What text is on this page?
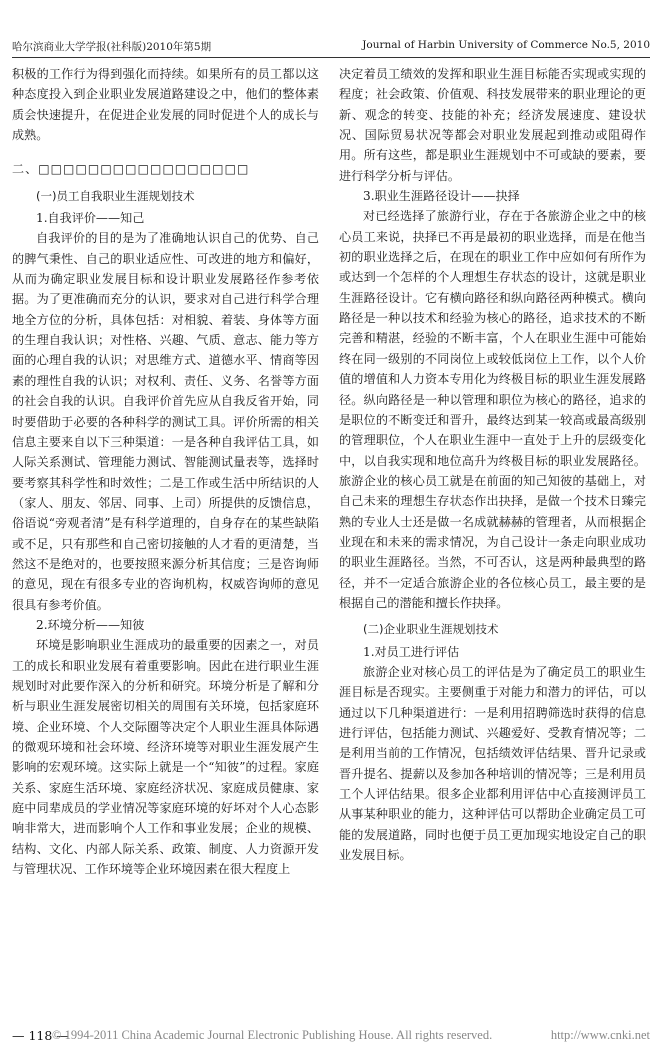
哈尔滨商业大学学报(社科版)2010年第5期	Journal of Harbin University of Commerce No.5, 2010

积极的工作行为得到强化而持续。如果所有的员工都以这种态度投入到企业职业发展道路建设之中，他们的整体素质会快速提升，在促进企业发展的同时促进个人的成长与成熟。

二、□□□□□□□□□□□□□□□□□

(一)员工自我职业生涯规划技术

1.自我评价——知己

自我评价的目的是为了准确地认识自己的优势、自己的脾气秉性、自己的职业适应性、可改进的地方和偏好，从而为确定职业发展目标和设计职业发展路径作参考依据。为了更准确而充分的认识，要求对自己进行科学合理地全方位的分析，具体包括：对相貌、着装、身体等方面的生理自我认识；对性格、兴趣、气质、意志、能力等方面的心理自我的认识；对思维方式、道德水平、情商等因素的理性自我的认识；对权利、责任、义务、名誉等方面的社会自我的认识。自我评价首先应从自我反省开始，同时要借助于必要的各种科学的测试工具。评价所需的相关信息主要来自以下三种渠道：一是各种自我评估工具，如人际关系测试、管理能力测试、智能测试量表等，选择时要考察其科学性和时效性；二是工作或生活中所结识的人（家人、朋友、邻居、同事、上司）所提供的反馈信息，俗语说“旁观者清”是有科学道理的，自身存在的某些缺陷或不足，只有那些和自己密切接触的人才看的更清楚，当然这不是绝对的，也要按照来源分析其信度；三是咨询师的意见，现在有很多专业的咨询机构，权威咨询师的意见很具有参考价值。

2.环境分析——知彼

环境是影响职业生涯成功的最重要的因素之一，对员工的成长和职业发展有着重要影响。因此在进行职业生涯规划时对此要作深入的分析和研究。环境分析是了解和分析与职业生涯发展密切相关的周围有关环境，包括家庭环境、企业环境、个人交际圈等决定个人职业生涯具体际遇的微观环境和社会环境、经济环境等对职业生涯发展产生影响的宏观环境。这实际上就是一个“知彼”的过程。家庭关系、家庭生活环境、家庭经济状况、家庭成员健康、家庭中同辈成员的学业情况等家庭环境的好坏对个人心态影响非常大，进而影响个人工作和事业发展；企业的规模、结构、文化、内部人际关系、政策、制度、人力资源开发与管理状况、工作环境等企业环境因素在很大程度上

决定着员工绩效的发挥和职业生涯目标能否实现或实现的程度；社会政策、价值观、科技发展带来的职业理论的更新、观念的转变、技能的补充；经济发展速度、建设状况、国际贸易状况等都会对职业发展起到推动或阻碍作用。所有这些，都是职业生涯规划中不可或缺的要素，要进行科学分析与评估。

3.职业生涯路径设计——抉择

对已经选择了旅游行业，存在于各旅游企业之中的核心员工来说，抉择已不再是最初的职业选择，而是在他当初的职业选择之后，在现在的职业工作中应如何有所作为或达到一个怎样的个人理想生存状态的设计，这就是职业生涯路径设计。它有横向路径和纵向路径两种模式。横向路径是一种以技术和经验为核心的路径，追求技术的不断完善和精湛，经验的不断丰富，个人在职业生涯中可能始终在同一级别的不同岗位上或较低岗位上工作，以个人价值的增值和人力资本专用化为终极目标的职业生涯发展路径。纵向路径是一种以管理和职位为核心的路径，追求的是职位的不断变迁和晋升，最终达到某一较高或最高级别的管理职位，个人在职业生涯中一直处于上升的层级变化中，以自我实现和地位高升为终极目标的职业发展路径。旅游企业的核心员工就是在前面的知己知彼的基础上，对自己未来的理想生存状态作出抉择，是做一个技术日臻完熟的专业人士还是做一名成就赫赫的管理者，从而根据企业现在和未来的需求情况，为自己设计一条走向职业成功的职业生涯路径。当然，不可否认，这是两种最典型的路径，并不一定适合旅游企业的各位核心员工，最主要的是根据自己的潜能和擅长作抉择。

(二)企业职业生涯规划技术

1.对员工进行评估

旅游企业对核心员工的评估是为了确定员工的职业生涯目标是否现实。主要侧重于对能力和潜力的评估，可以通过以下几种渠道进行：一是利用招聘筛选时获得的信息进行评估，包括能力测试、兴趣爱好、受教育情况等；二是利用当前的工作情况，包括绩效评估结果、晋升记录或晋升提名、提薪以及参加各种培训的情况等；三是利用员工个人评估结果。很多企业都利用评估中心直接测评员工从事某种职业的能力，这种评估可以帮助企业确定员工可能的发展道路，同时也便于员工更加现实地设定自己的职业发展目标。

— 118 —
© 1994-2011 China Academic Journal Electronic Publishing House. All rights reserved.	http://www.cnki.net
